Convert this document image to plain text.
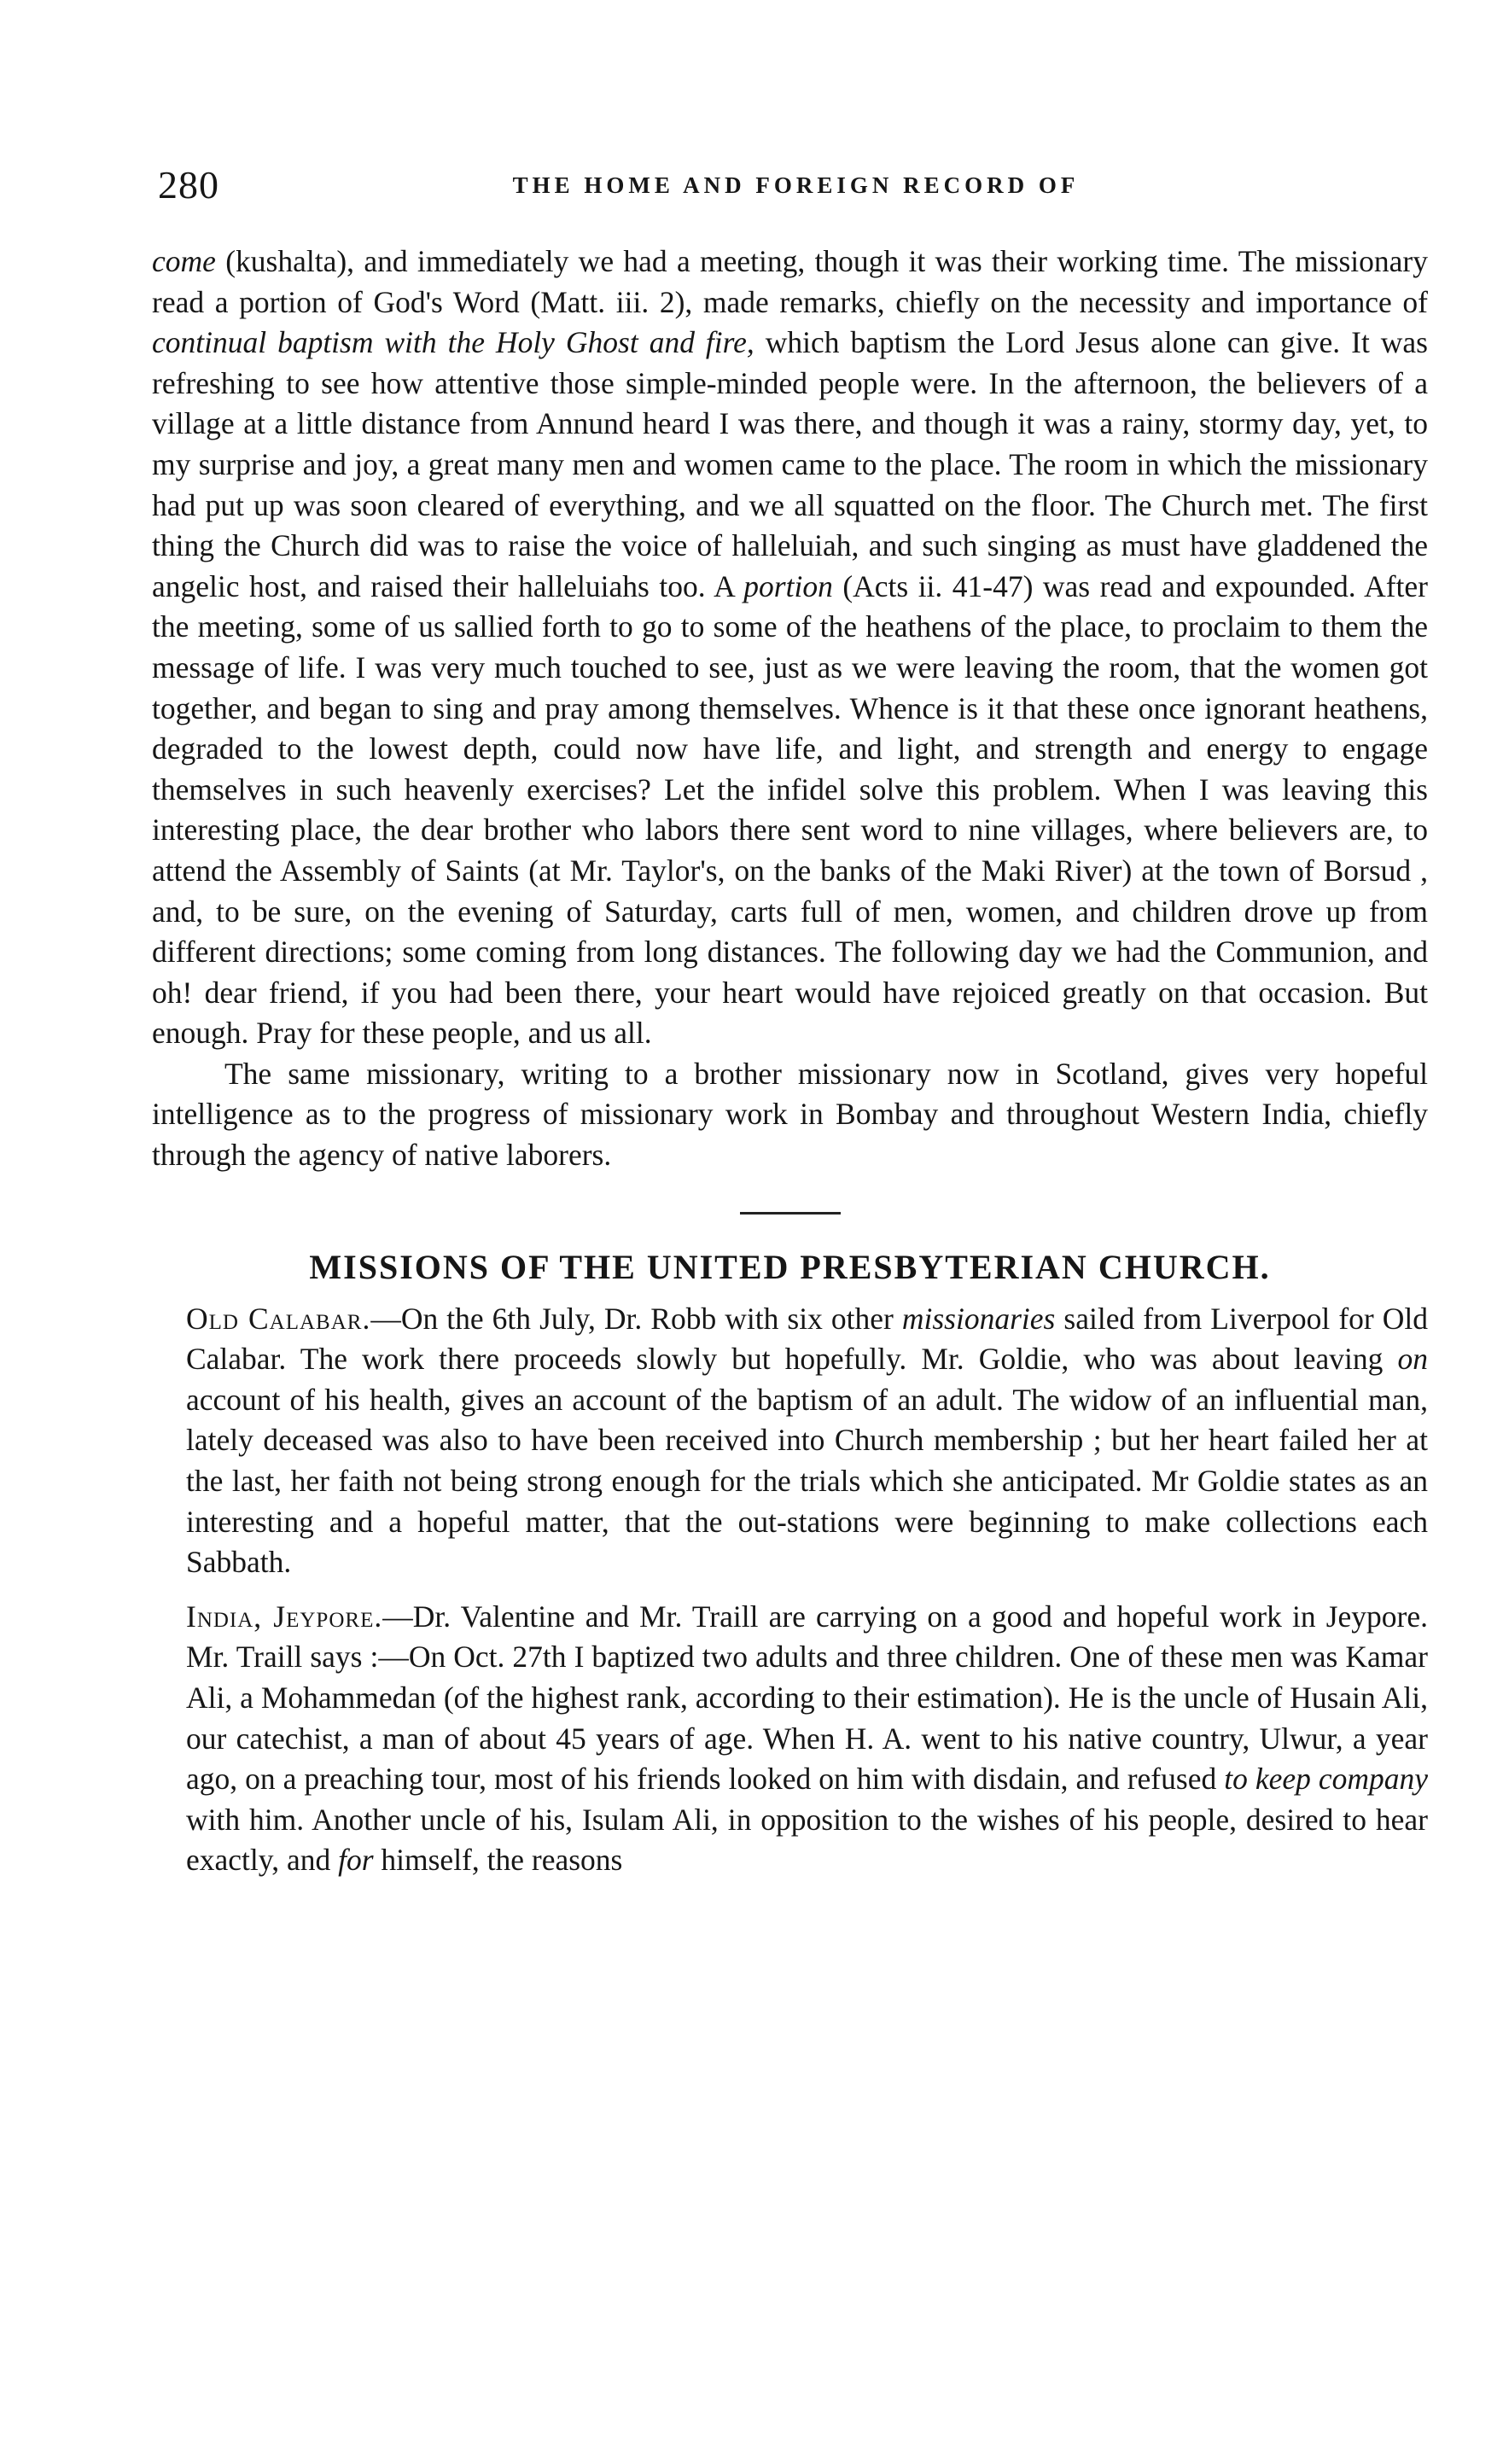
280	THE HOME AND FOREIGN RECORD OF

come (kushalta), and immediately we had a meeting, though it was their working time. The missionary read a portion of God's Word (Matt. iii. 2), made remarks, chiefly on the necessity and importance of continual baptism with the Holy Ghost and fire, which baptism the Lord Jesus alone can give. It was refreshing to see how attentive those simple-minded people were. In the afternoon, the believers of a village at a little distance from Annund heard I was there, and though it was a rainy, stormy day, yet, to my surprise and joy, a great many men and women came to the place. The room in which the missionary had put up was soon cleared of everything, and we all squatted on the floor. The Church met. The first thing the Church did was to raise the voice of halleluiah, and such singing as must have gladdened the angelic host, and raised their halleluiahs too. A portion (Acts ii. 41-47) was read and expounded. After the meeting, some of us sallied forth to go to some of the heathens of the place, to proclaim to them the message of life. I was very much touched to see, just as we were leaving the room, that the women got together, and began to sing and pray among themselves. Whence is it that these once ignorant heathens, degraded to the lowest depth, could now have life, and light, and strength and energy to engage themselves in such heavenly exercises? Let the infidel solve this problem. When I was leaving this interesting place, the dear brother who labors there sent word to nine villages, where believers are, to attend the Assembly of Saints (at Mr. Taylor's, on the banks of the Maki River) at the town of Borsud , and, to be sure, on the evening of Saturday, carts full of men, women, and children drove up from different directions; some coming from long distances. The following day we had the Communion, and oh! dear friend, if you had been there, your heart would have rejoiced greatly on that occasion. But enough. Pray for these people, and us all.

The same missionary, writing to a brother missionary now in Scotland, gives very hopeful intelligence as to the progress of missionary work in Bombay and throughout Western India, chiefly through the agency of native laborers.

MISSIONS OF THE UNITED PRESBYTERIAN CHURCH.

Old Calabar.—On the 6th July, Dr. Robb with six other missionaries sailed from Liverpool for Old Calabar. The work there proceeds slowly but hopefully. Mr. Goldie, who was about leaving on account of his health, gives an account of the baptism of an adult. The widow of an influential man, lately deceased was also to have been received into Church membership ; but her heart failed her at the last, her faith not being strong enough for the trials which she anticipated. Mr Goldie states as an interesting and a hopeful matter, that the out-stations were beginning to make collections each Sabbath.

India, Jeypore.—Dr. Valentine and Mr. Traill are carrying on a good and hopeful work in Jeypore. Mr. Traill says :—On Oct. 27th I baptized two adults and three children. One of these men was Kamar Ali, a Mohammedan (of the highest rank, according to their estimation). He is the uncle of Husain Ali, our catechist, a man of about 45 years of age. When H. A. went to his native country, Ulwur, a year ago, on a preaching tour, most of his friends looked on him with disdain, and refused to keep company with him. Another uncle of his, Isulam Ali, in opposition to the wishes of his people, desired to hear exactly, and for himself, the reasons
